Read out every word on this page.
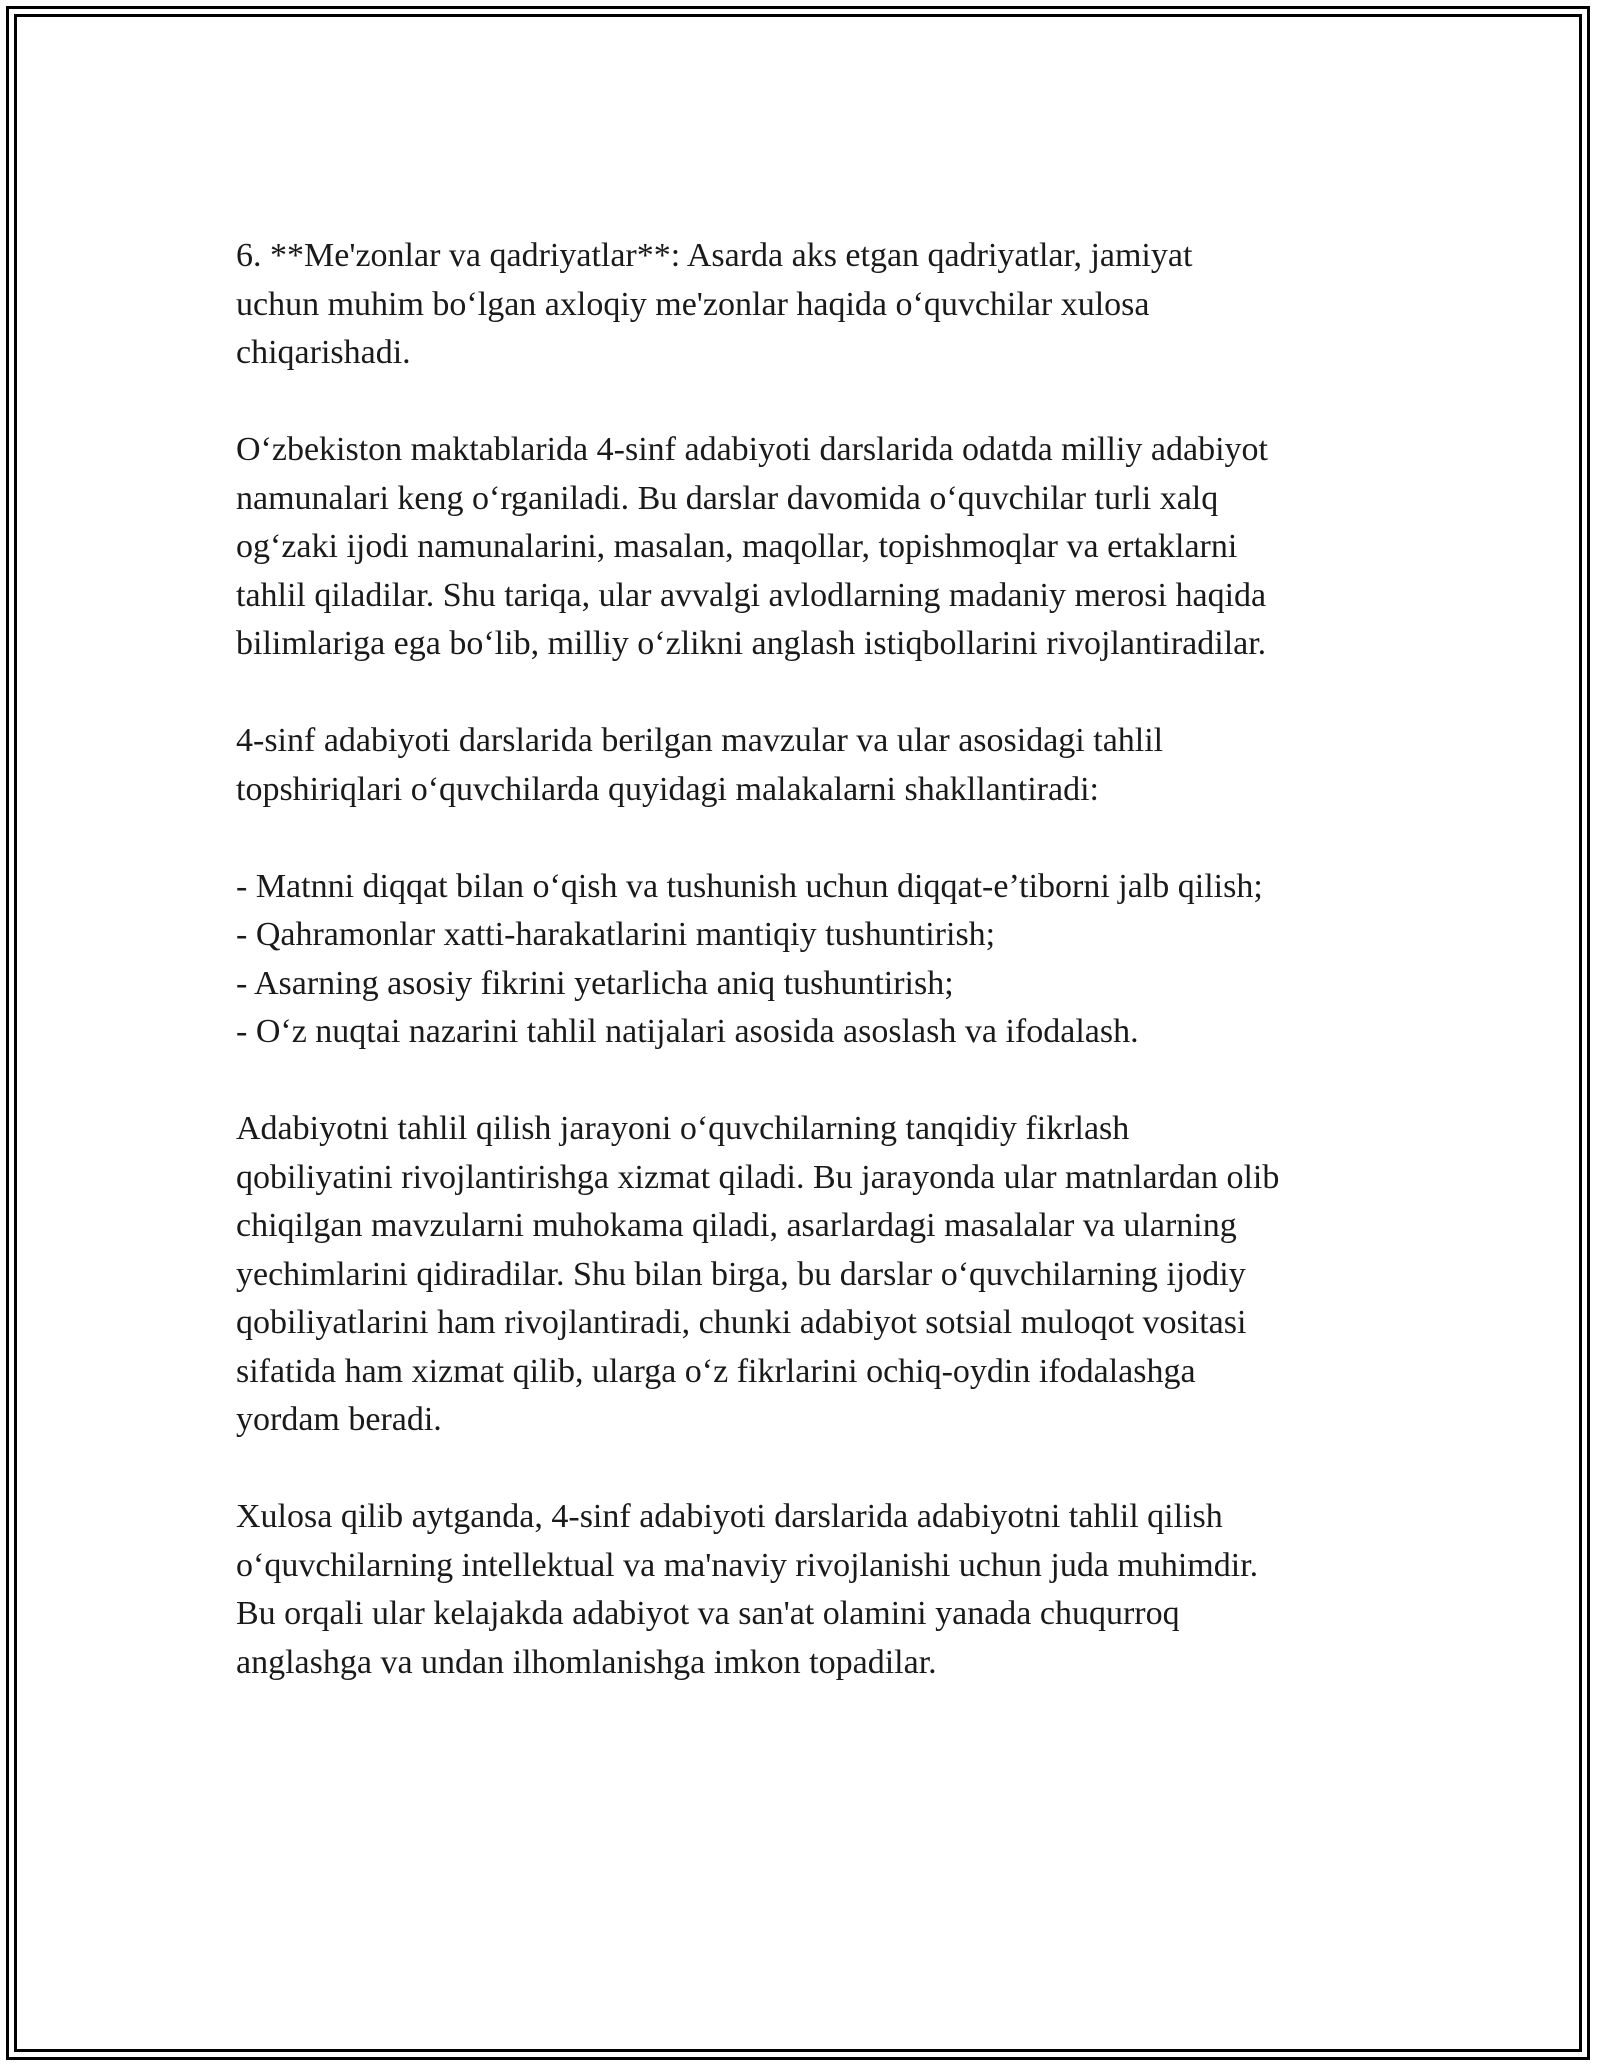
6. **Me'zonlar va qadriyatlar**: Asarda aks etgan qadriyatlar, jamiyat
uchun muhim bo‘lgan axloqiy me'zonlar haqida o‘quvchilar xulosa
chiqarishadi.

O‘zbekiston maktablarida 4-sinf adabiyoti darslarida odatda milliy adabiyot
namunalari keng o‘rganiladi. Bu darslar davomida o‘quvchilar turli xalq
og‘zaki ijodi namunalarini, masalan, maqollar, topishmoqlar va ertaklarni
tahlil qiladilar. Shu tariqa, ular avvalgi avlodlarning madaniy merosi haqida
bilimlariga ega bo‘lib, milliy o‘zlikni anglash istiqbollarini rivojlantiradilar.

4-sinf adabiyoti darslarida berilgan mavzular va ular asosidagi tahlil
topshiriqlari o‘quvchilarda quyidagi malakalarni shakllantiradi:

- Matnni diqqat bilan o‘qish va tushunish uchun diqqat-e’tiborni jalb qilish;
- Qahramonlar xatti-harakatlarini mantiqiy tushuntirish;
- Asarning asosiy fikrini yetarlicha aniq tushuntirish;
- O‘z nuqtai nazarini tahlil natijalari asosida asoslash va ifodalash.

Adabiyotni tahlil qilish jarayoni o‘quvchilarning tanqidiy fikrlash
qobiliyatini rivojlantirishga xizmat qiladi. Bu jarayonda ular matnlardan olib
chiqilgan mavzularni muhokama qiladi, asarlardagi masalalar va ularning
yechimlarini qidiradilar. Shu bilan birga, bu darslar o‘quvchilarning ijodiy
qobiliyatlarini ham rivojlantiradi, chunki adabiyot sotsial muloqot vositasi
sifatida ham xizmat qilib, ularga o‘z fikrlarini ochiq-oydin ifodalashga
yordam beradi.

Xulosa qilib aytganda, 4-sinf adabiyoti darslarida adabiyotni tahlil qilish
o‘quvchilarning intellektual va ma'naviy rivojlanishi uchun juda muhimdir.
Bu orqali ular kelajakda adabiyot va san'at olamini yanada chuqurroq
anglashga va undan ilhomlanishga imkon topadilar.
